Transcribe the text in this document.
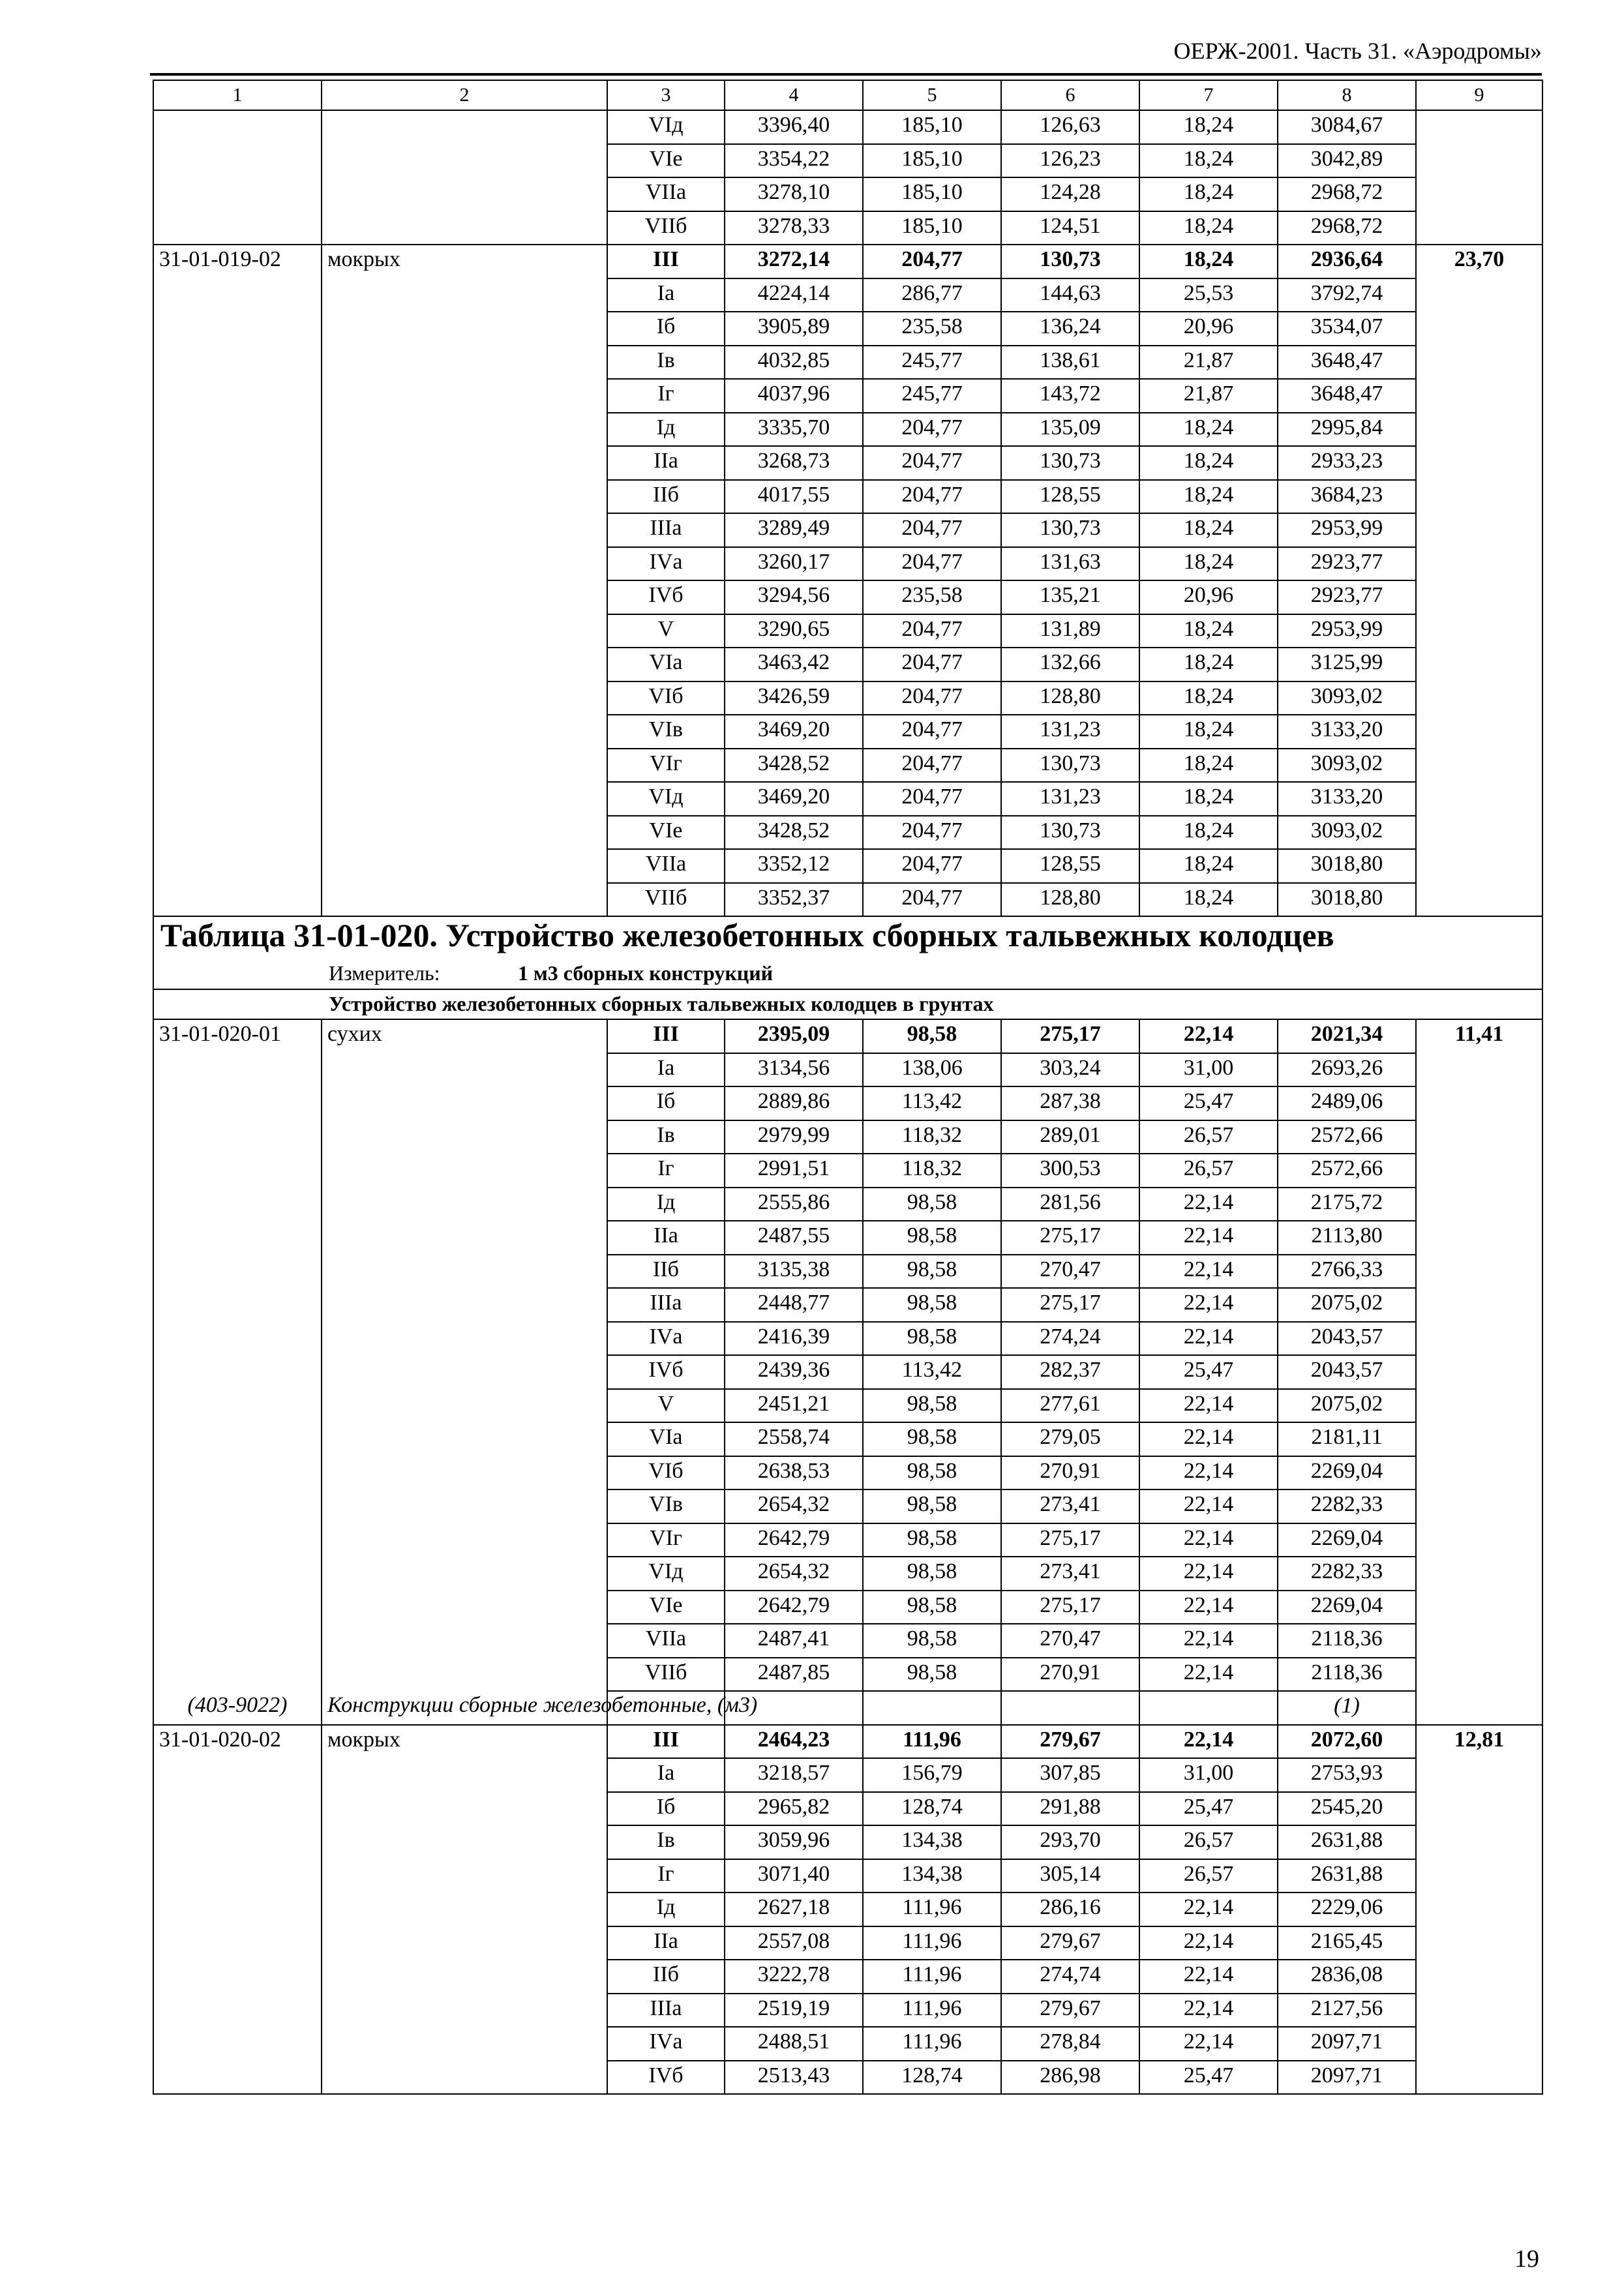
ОЕРЖ-2001. Часть 31. «Аэродромы»
1	2	3	4	5	6	7	8	9
		VIд	3396,40	185,10	126,63	18,24	3084,67	
		VIе	3354,22	185,10	126,23	18,24	3042,89	
		VIIа	3278,10	185,10	124,28	18,24	2968,72	
		VIIб	3278,33	185,10	124,51	18,24	2968,72	
31-01-019-02	мокрых	III	3272,14	204,77	130,73	18,24	2936,64	23,70
		Iа	4224,14	286,77	144,63	25,53	3792,74	
		Iб	3905,89	235,58	136,24	20,96	3534,07	
		Iв	4032,85	245,77	138,61	21,87	3648,47	
		Iг	4037,96	245,77	143,72	21,87	3648,47	
		Iд	3335,70	204,77	135,09	18,24	2995,84	
		IIа	3268,73	204,77	130,73	18,24	2933,23	
		IIб	4017,55	204,77	128,55	18,24	3684,23	
		IIIа	3289,49	204,77	130,73	18,24	2953,99	
		IVа	3260,17	204,77	131,63	18,24	2923,77	
		IVб	3294,56	235,58	135,21	20,96	2923,77	
		V	3290,65	204,77	131,89	18,24	2953,99	
		VIа	3463,42	204,77	132,66	18,24	3125,99	
		VIб	3426,59	204,77	128,80	18,24	3093,02	
		VIв	3469,20	204,77	131,23	18,24	3133,20	
		VIг	3428,52	204,77	130,73	18,24	3093,02	
		VIд	3469,20	204,77	131,23	18,24	3133,20	
		VIе	3428,52	204,77	130,73	18,24	3093,02	
		VIIа	3352,12	204,77	128,55	18,24	3018,80	
		VIIб	3352,37	204,77	128,80	18,24	3018,80	
Таблица 31-01-020. Устройство железобетонных сборных тальвежных колодцев								
Измеритель: 1 м3 сборных конструкций								
Устройство железобетонных сборных тальвежных колодцев в грунтах								
31-01-020-01	сухих	III	2395,09	98,58	275,17	22,14	2021,34	11,41
		Iа	3134,56	138,06	303,24	31,00	2693,26	
		Iб	2889,86	113,42	287,38	25,47	2489,06	
		Iв	2979,99	118,32	289,01	26,57	2572,66	
		Iг	2991,51	118,32	300,53	26,57	2572,66	
		Iд	2555,86	98,58	281,56	22,14	2175,72	
		IIа	2487,55	98,58	275,17	22,14	2113,80	
		IIб	3135,38	98,58	270,47	22,14	2766,33	
		IIIа	2448,77	98,58	275,17	22,14	2075,02	
		IVа	2416,39	98,58	274,24	22,14	2043,57	
		IVб	2439,36	113,42	282,37	25,47	2043,57	
		V	2451,21	98,58	277,61	22,14	2075,02	
		VIа	2558,74	98,58	279,05	22,14	2181,11	
		VIб	2638,53	98,58	270,91	22,14	2269,04	
		VIв	2654,32	98,58	273,41	22,14	2282,33	
		VIг	2642,79	98,58	275,17	22,14	2269,04	
		VIд	2654,32	98,58	273,41	22,14	2282,33	
		VIе	2642,79	98,58	275,17	22,14	2269,04	
		VIIа	2487,41	98,58	270,47	22,14	2118,36	
		VIIб	2487,85	98,58	270,91	22,14	2118,36	
(403-9022)	Конструкции сборные железобетонные, (м3)						(1)	
31-01-020-02	мокрых	III	2464,23	111,96	279,67	22,14	2072,60	12,81
		Iа	3218,57	156,79	307,85	31,00	2753,93	
		Iб	2965,82	128,74	291,88	25,47	2545,20	
		Iв	3059,96	134,38	293,70	26,57	2631,88	
		Iг	3071,40	134,38	305,14	26,57	2631,88	
		Iд	2627,18	111,96	286,16	22,14	2229,06	
		IIа	2557,08	111,96	279,67	22,14	2165,45	
		IIб	3222,78	111,96	274,74	22,14	2836,08	
		IIIа	2519,19	111,96	279,67	22,14	2127,56	
		IVа	2488,51	111,96	278,84	22,14	2097,71	
		IVб	2513,43	128,74	286,98	25,47	2097,71	
19
